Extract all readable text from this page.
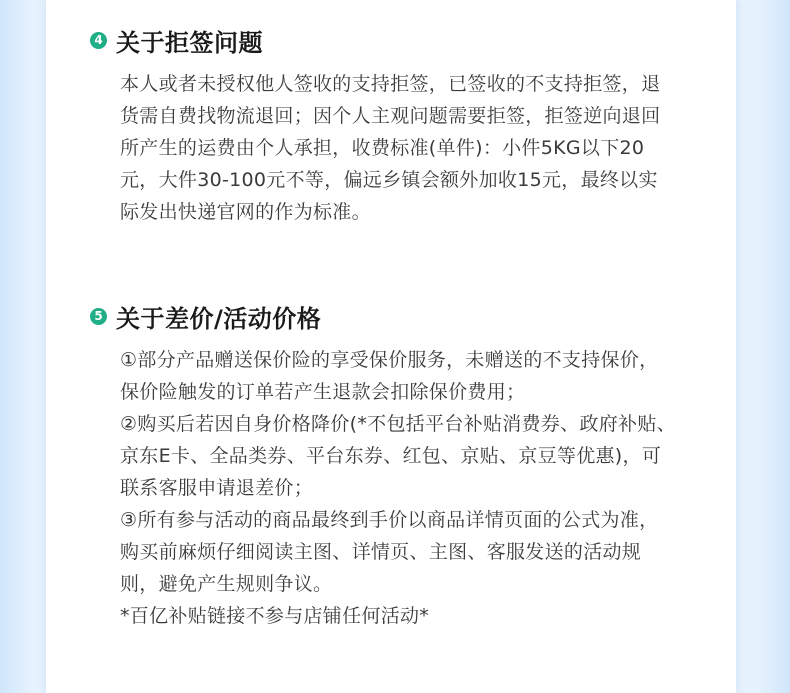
4 关于拒签问题

本人或者未授权他人签收的支持拒签，已签收的不支持拒签，退货需自费找物流退回；因个人主观问题需要拒签，拒签逆向退回所产生的运费由个人承担，收费标准(单件)：小件5KG以下20元，大件30-100元不等，偏远乡镇会额外加收15元，最终以实际发出快递官网的作为标准。

5 关于差价/活动价格

①部分产品赠送保价险的享受保价服务，未赠送的不支持保价，保价险触发的订单若产生退款会扣除保价费用；

②购买后若因自身价格降价(*不包括平台补贴消费券、政府补贴、京东E卡、全品类券、平台东券、红包、京贴、京豆等优惠)，可联系客服申请退差价；

③所有参与活动的商品最终到手价以商品详情页面的公式为准，购买前麻烦仔细阅读主图、详情页、主图、客服发送的活动规则，避免产生规则争议。

*百亿补贴链接不参与店铺任何活动*
